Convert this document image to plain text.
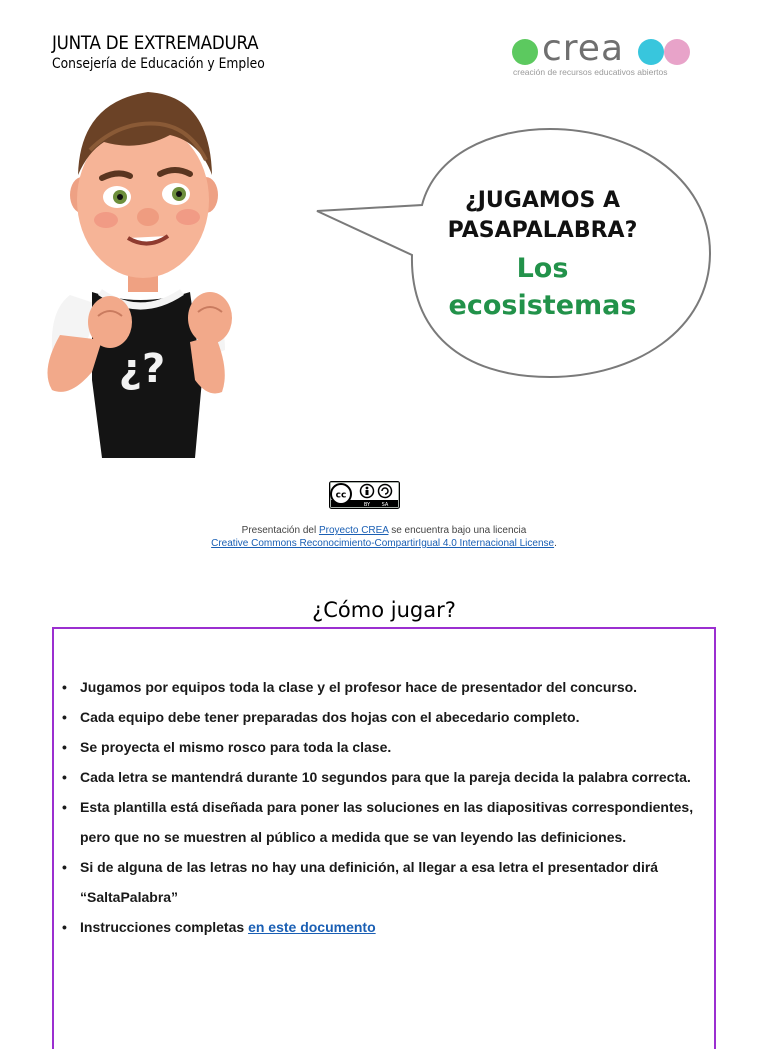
JUNTA DE EXTREMADURA
Consejería de Educación y Empleo	crea
creación de recursos educativos abiertos
¿?
¿JUGAMOS A
PASAPALABRA?
Los
ecosistemas
cc
BY SA
Presentación del Proyecto CREA se encuentra bajo una licencia
Creative Commons Reconocimiento-CompartirIgual 4.0 Internacional License.
¿Cómo jugar?
• Jugamos por equipos toda la clase y el profesor hace de presentador del concurso.
• Cada equipo debe tener preparadas dos hojas con el abecedario completo.
• Se proyecta el mismo rosco para toda la clase.
• Cada letra se mantendrá durante 10 segundos para que la pareja decida la palabra correcta.
• Esta plantilla está diseñada para poner las soluciones en las diapositivas correspondientes, pero que no se muestren al público a medida que se van leyendo las definiciones.
• Si de alguna de las letras no hay una definición, al llegar a esa letra el presentador dirá “SaltaPalabra”
• Instrucciones completas en este documento
